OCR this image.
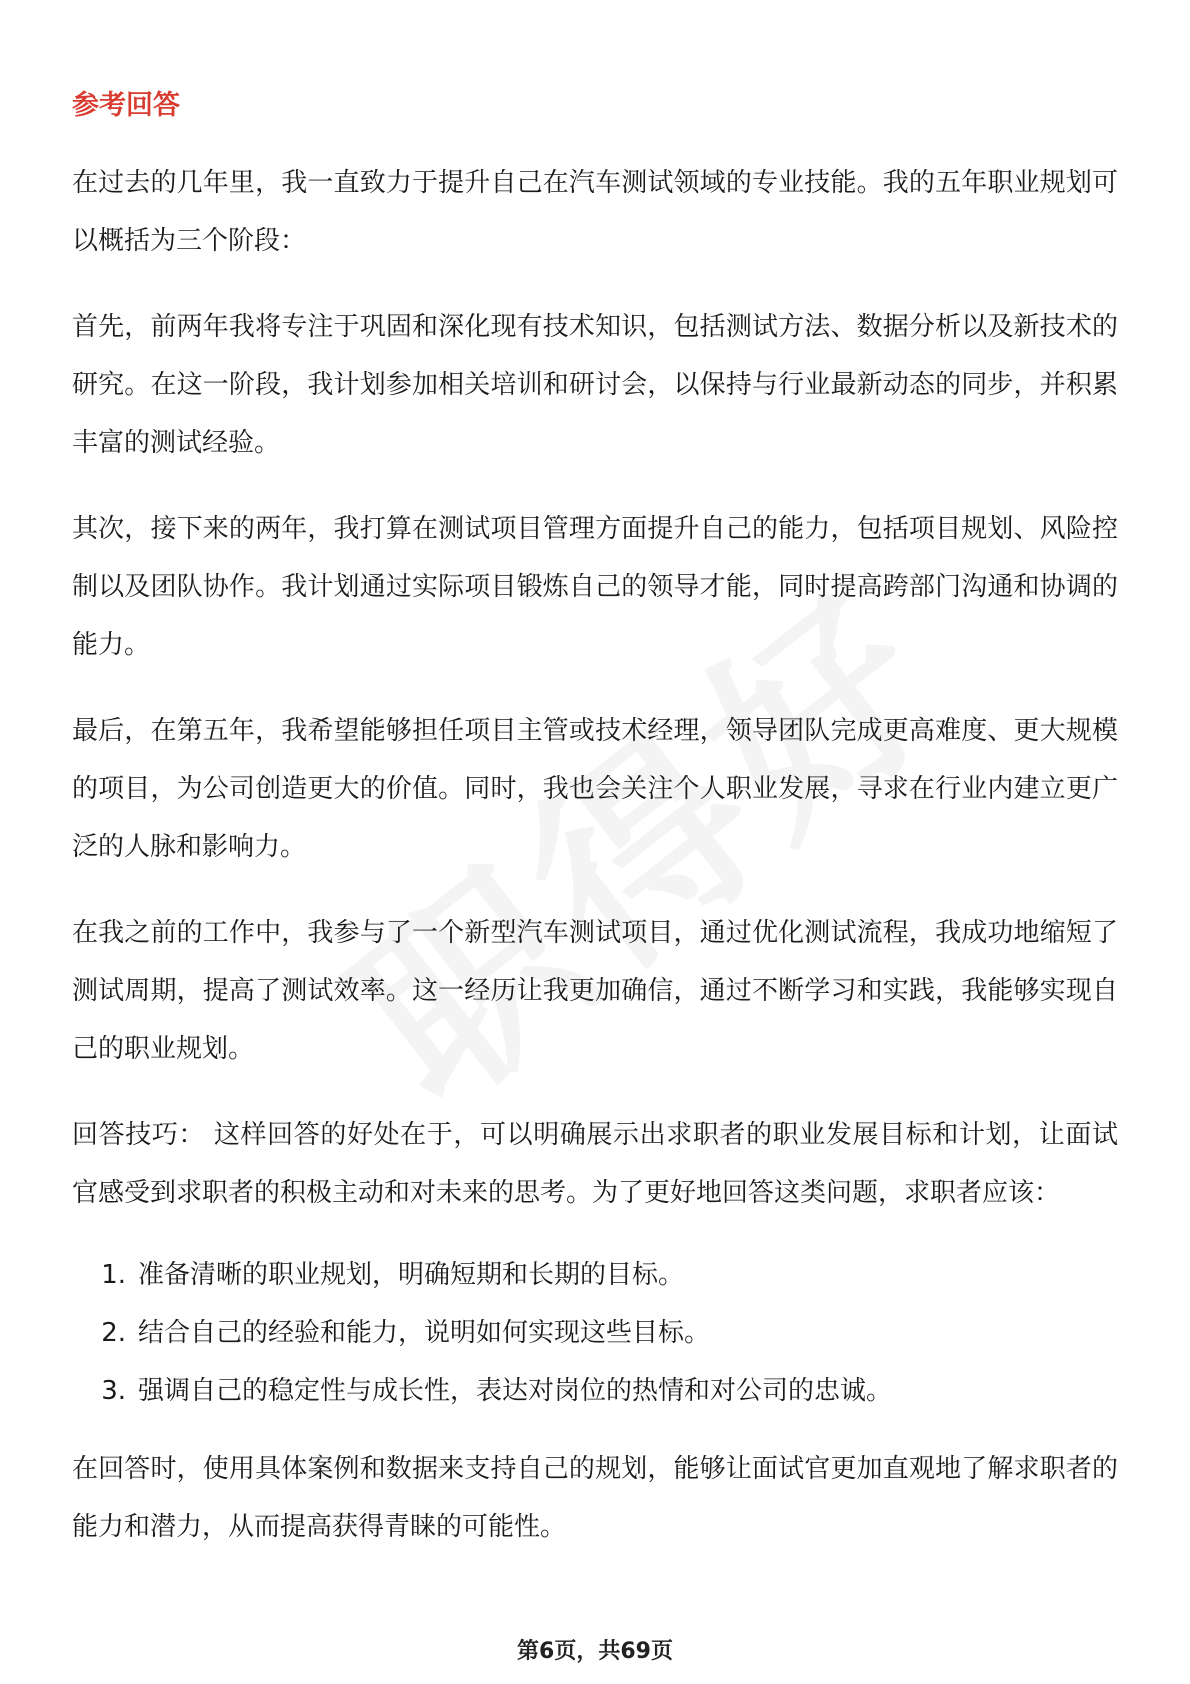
参考回答

在过去的几年里，我一直致力于提升自己在汽车测试领域的专业技能。我的五年职业规划可以概括为三个阶段：

首先，前两年我将专注于巩固和深化现有技术知识，包括测试方法、数据分析以及新技术的研究。在这一阶段，我计划参加相关培训和研讨会，以保持与行业最新动态的同步，并积累丰富的测试经验。

其次，接下来的两年，我打算在测试项目管理方面提升自己的能力，包括项目规划、风险控制以及团队协作。我计划通过实际项目锻炼自己的领导才能，同时提高跨部门沟通和协调的能力。

最后，在第五年，我希望能够担任项目主管或技术经理，领导团队完成更高难度、更大规模的项目，为公司创造更大的价值。同时，我也会关注个人职业发展，寻求在行业内建立更广泛的人脉和影响力。

在我之前的工作中，我参与了一个新型汽车测试项目，通过优化测试流程，我成功地缩短了测试周期，提高了测试效率。这一经历让我更加确信，通过不断学习和实践，我能够实现自己的职业规划。

回答技巧： 这样回答的好处在于，可以明确展示出求职者的职业发展目标和计划，让面试官感受到求职者的积极主动和对未来的思考。为了更好地回答这类问题，求职者应该：

1. 准备清晰的职业规划，明确短期和长期的目标。
2. 结合自己的经验和能力，说明如何实现这些目标。
3. 强调自己的稳定性与成长性，表达对岗位的热情和对公司的忠诚。

在回答时，使用具体案例和数据来支持自己的规划，能够让面试官更加直观地了解求职者的能力和潜力，从而提高获得青睐的可能性。

第6页，共69页
